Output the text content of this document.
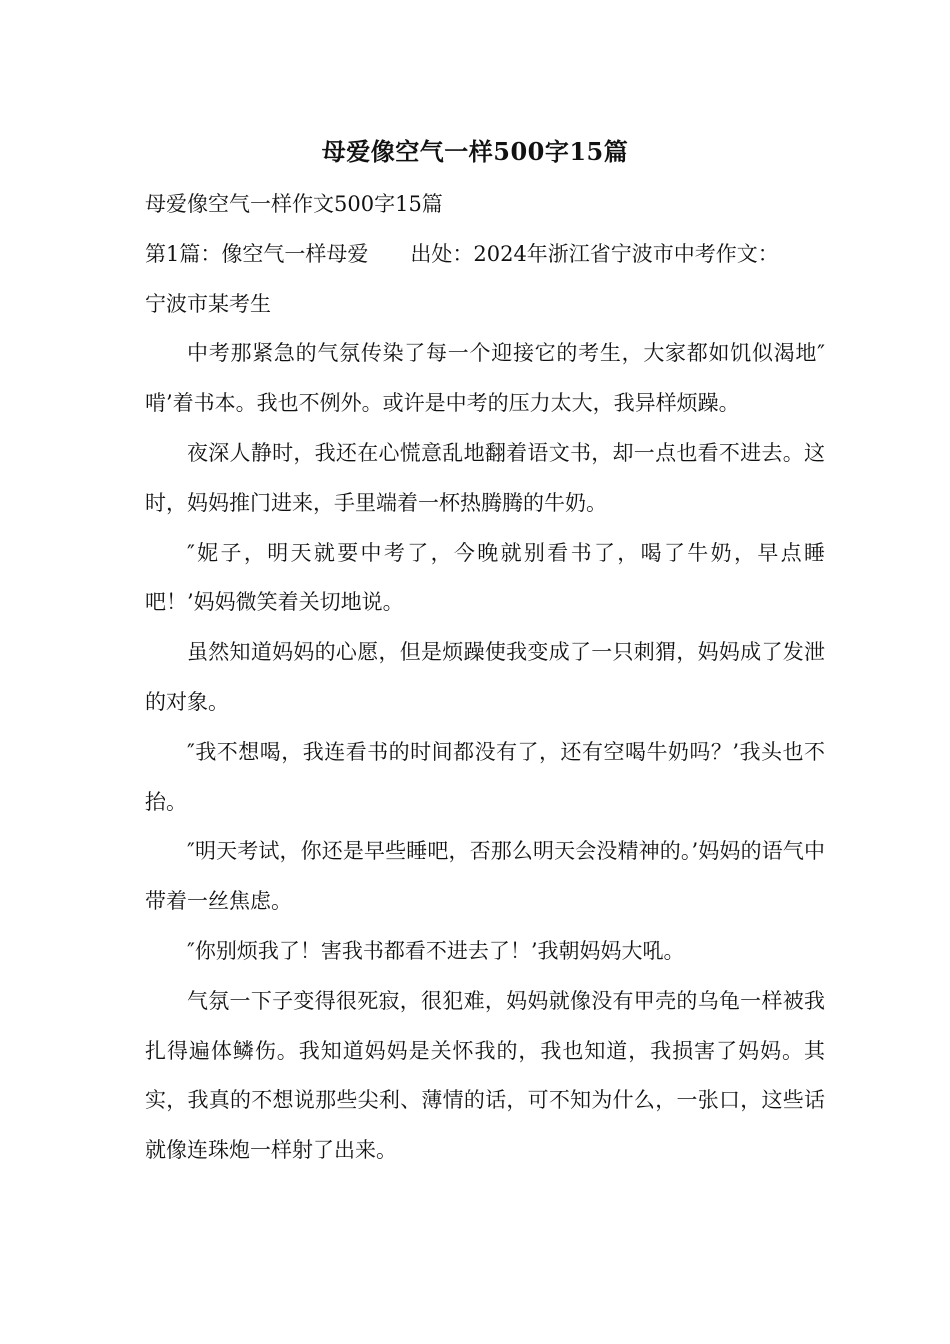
母爱像空气一样500字15篇

母爱像空气一样作文500字15篇

第1篇：像空气一样母爱　　出处：2024年浙江省宁波市中考作文：

宁波市某考生

中考那紧急的气氛传染了每一个迎接它的考生，大家都如饥似渴地″啃’着书本。我也不例外。或许是中考的压力太大，我异样烦躁。

夜深人静时，我还在心慌意乱地翻着语文书，却一点也看不进去。这时，妈妈推门进来，手里端着一杯热腾腾的牛奶。

″妮子，明天就要中考了，今晚就别看书了，喝了牛奶，早点睡吧！’妈妈微笑着关切地说。

虽然知道妈妈的心愿，但是烦躁使我变成了一只刺猬，妈妈成了发泄的对象。

″我不想喝，我连看书的时间都没有了，还有空喝牛奶吗？’我头也不抬。

″明天考试，你还是早些睡吧，否那么明天会没精神的。’妈妈的语气中带着一丝焦虑。

″你别烦我了！害我书都看不进去了！’我朝妈妈大吼。

气氛一下子变得很死寂，很犯难，妈妈就像没有甲壳的乌龟一样被我扎得遍体鳞伤。我知道妈妈是关怀我的，我也知道，我损害了妈妈。其实，我真的不想说那些尖利、薄情的话，可不知为什么，一张口，这些话就像连珠炮一样射了出来。
